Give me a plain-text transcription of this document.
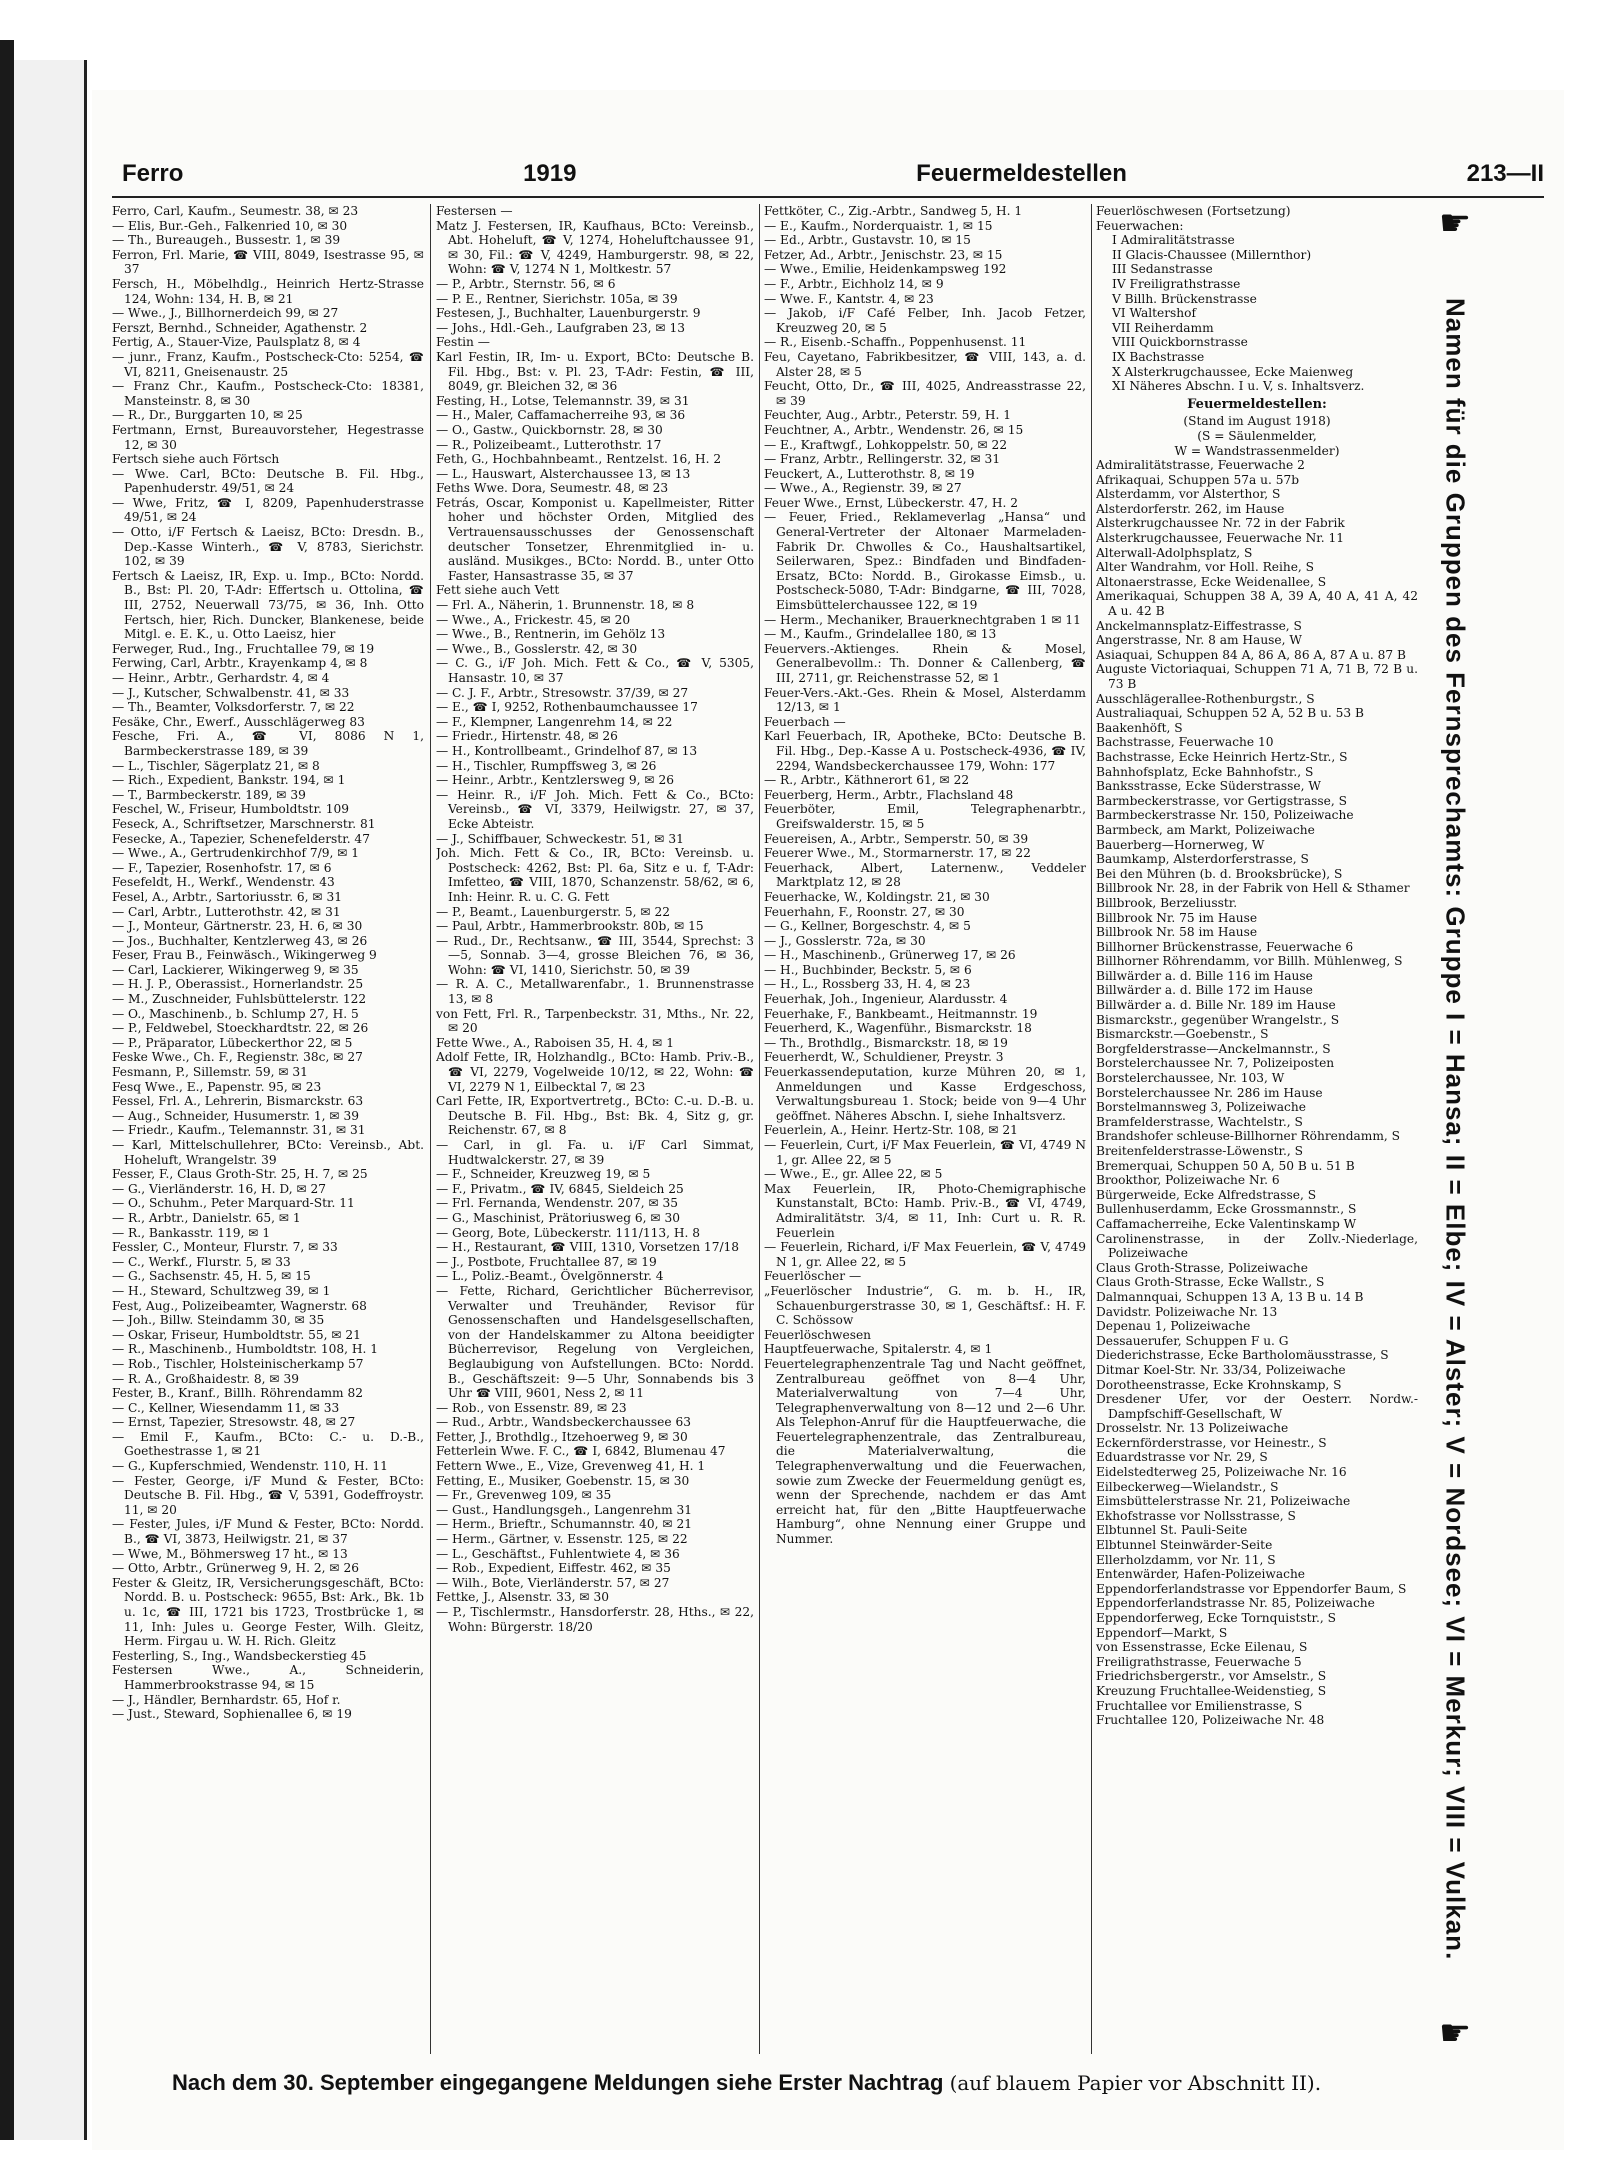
Ferro	1919	Feuermeldestellen	213—II

Ferro, Carl, Kaufm., Seumestr. 38, ✉ 23

— Elis, Bur.-Geh., Falkenried 10, ✉ 30

— Th., Bureaugeh., Bussestr. 1, ✉ 39

Ferron, Frl. Marie, ☎ VIII, 8049, Isestrasse 95, ✉ 37

Fersch, H., Möbelhdlg., Heinrich Hertz-Strasse 124, Wohn: 134, H. B, ✉ 21

— Wwe., J., Billhornerdeich 99, ✉ 27

Ferszt, Bernhd., Schneider, Agathenstr. 2

Fertig, A., Stauer-Vize, Paulsplatz 8, ✉ 4

— junr., Franz, Kaufm., Postscheck-Cto: 5254, ☎ VI, 8211, Gneisenaustr. 25

— Franz Chr., Kaufm., Postscheck-Cto: 18381, Mansteinstr. 8, ✉ 30

— R., Dr., Burggarten 10, ✉ 25

Fertmann, Ernst, Bureauvorsteher, Hegestrasse 12, ✉ 30

Fertsch siehe auch Förtsch

— Wwe. Carl, BCto: Deutsche B. Fil. Hbg., Papenhuderstr. 49/51, ✉ 24

— Wwe, Fritz, ☎ I, 8209, Papenhuderstrasse 49/51, ✉ 24

— Otto, i/F Fertsch & Laeisz, BCto: Dresdn. B., Dep.-Kasse Winterh., ☎ V, 8783, Sierichstr. 102, ✉ 39

Fertsch & Laeisz, IR, Exp. u. Imp., BCto: Nordd. B., Bst: Pl. 20, T-Adr: Effertsch u. Ottolina, ☎ III, 2752, Neuerwall 73/75, ✉ 36, Inh. Otto Fertsch, hier, Rich. Duncker, Blankenese, beide Mitgl. e. E. K., u. Otto Laeisz, hier

Ferweger, Rud., Ing., Fruchtallee 79, ✉ 19

Ferwing, Carl, Arbtr., Krayenkamp 4, ✉ 8

— Heinr., Arbtr., Gerhardstr. 4, ✉ 4

— J., Kutscher, Schwalbenstr. 41, ✉ 33

— Th., Beamter, Volksdorferstr. 7, ✉ 22

Fesäke, Chr., Ewerf., Ausschlägerweg 83

Fesche, Fri. A., ☎ VI, 8086 N 1, Barmbeckerstrasse 189, ✉ 39

— L., Tischler, Sägerplatz 21, ✉ 8

— Rich., Expedient, Bankstr. 194, ✉ 1

— T., Barmbeckerstr. 189, ✉ 39

Feschel, W., Friseur, Humboldtstr. 109

Feseck, A., Schriftsetzer, Marschnerstr. 81

Fesecke, A., Tapezier, Schenefelderstr. 47

— Wwe., A., Gertrudenkirchhof 7/9, ✉ 1

— F., Tapezier, Rosenhofstr. 17, ✉ 6

Fesefeldt, H., Werkf., Wendenstr. 43

Fesel, A., Arbtr., Sartoriusstr. 6, ✉ 31

— Carl, Arbtr., Lutterothstr. 42, ✉ 31

— J., Monteur, Gärtnerstr. 23, H. 6, ✉ 30

— Jos., Buchhalter, Kentzlerweg 43, ✉ 26

Feser, Frau B., Feinwäsch., Wikingerweg 9

— Carl, Lackierer, Wikingerweg 9, ✉ 35

— H. J. P., Oberassist., Hornerlandstr. 25

— M., Zuschneider, Fuhlsbüttelerstr. 122

— O., Maschinenb., b. Schlump 27, H. 5

— P., Feldwebel, Stoeckhardtstr. 22, ✉ 26

— P., Präparator, Lübeckerthor 22, ✉ 5

Feske Wwe., Ch. F., Regienstr. 38c, ✉ 27

Fesmann, P., Sillemstr. 59, ✉ 31

Fesq Wwe., E., Papenstr. 95, ✉ 23

Fessel, Frl. A., Lehrerin, Bismarckstr. 63

— Aug., Schneider, Husumerstr. 1, ✉ 39

— Friedr., Kaufm., Telemannstr. 31, ✉ 31

— Karl, Mittelschullehrer, BCto: Vereinsb., Abt. Hoheluft, Wrangelstr. 39

Fesser, F., Claus Groth-Str. 25, H. 7, ✉ 25

— G., Vierländerstr. 16, H. D, ✉ 27

— O., Schuhm., Peter Marquard-Str. 11

— R., Arbtr., Danielstr. 65, ✉ 1

— R., Bankasstr. 119, ✉ 1

Fessler, C., Monteur, Flurstr. 7, ✉ 33

— C., Werkf., Flurstr. 5, ✉ 33

— G., Sachsenstr. 45, H. 5, ✉ 15

— H., Steward, Schultzweg 39, ✉ 1

Fest, Aug., Polizeibeamter, Wagnerstr. 68

— Joh., Billw. Steindamm 30, ✉ 35

— Oskar, Friseur, Humboldtstr. 55, ✉ 21

— R., Maschinenb., Humboldtstr. 108, H. 1

— Rob., Tischler, Holsteinischerkamp 57

— R. A., Großhaidestr. 8, ✉ 39

Fester, B., Kranf., Billh. Röhrendamm 82

— C., Kellner, Wiesendamm 11, ✉ 33

— Ernst, Tapezier, Stresowstr. 48, ✉ 27

— Emil F., Kaufm., BCto: C.- u. D.-B., Goethestrasse 1, ✉ 21

— G., Kupferschmied, Wendenstr. 110, H. 11

— Fester, George, i/F Mund & Fester, BCto: Deutsche B. Fil. Hbg., ☎ V, 5391, Godeffroystr. 11, ✉ 20

— Fester, Jules, i/F Mund & Fester, BCto: Nordd. B., ☎ VI, 3873, Heilwigstr. 21, ✉ 37

— Wwe, M., Böhmersweg 17 ht., ✉ 13

— Otto, Arbtr., Grünerweg 9, H. 2, ✉ 26

Fester & Gleitz, IR, Versicherungsgeschäft, BCto: Nordd. B. u. Postscheck: 9655, Bst: Ark., Bk. 1b u. 1c, ☎ III, 1721 bis 1723, Trostbrücke 1, ✉ 11, Inh: Jules u. George Fester, Wilh. Gleitz, Herm. Firgau u. W. H. Rich. Gleitz

Festerling, S., Ing., Wandsbeckerstieg 45

Festersen Wwe., A., Schneiderin, Hammerbrookstrasse 94, ✉ 15

— J., Händler, Bernhardstr. 65, Hof r.

— Just., Steward, Sophienallee 6, ✉ 19

Festersen —

Matz J. Festersen, IR, Kaufhaus, BCto: Vereinsb., Abt. Hoheluft, ☎ V, 1274, Hoheluftchaussee 91, ✉ 30, Fil.: ☎ V, 4249, Hamburgerstr. 98, ✉ 22, Wohn: ☎ V, 1274 N 1, Moltkestr. 57

— P., Arbtr., Sternstr. 56, ✉ 6

— P. E., Rentner, Sierichstr. 105a, ✉ 39

Festesen, J., Buchhalter, Lauenburgerstr. 9

— Johs., Hdl.-Geh., Laufgraben 23, ✉ 13

Festin —

Karl Festin, IR, Im- u. Export, BCto: Deutsche B. Fil. Hbg., Bst: v. Pl. 23, T-Adr: Festin, ☎ III, 8049, gr. Bleichen 32, ✉ 36

Festing, H., Lotse, Telemannstr. 39, ✉ 31

— H., Maler, Caffamacherreihe 93, ✉ 36

— O., Gastw., Quickbornstr. 28, ✉ 30

— R., Polizeibeamt., Lutterothstr. 17

Feth, G., Hochbahnbeamt., Rentzelst. 16, H. 2

— L., Hauswart, Alsterchaussee 13, ✉ 13

Feths Wwe. Dora, Seumestr. 48, ✉ 23

Fetrás, Oscar, Komponist u. Kapellmeister, Ritter hoher und höchster Orden, Mitglied des Vertrauensausschusses der Genossenschaft deutscher Tonsetzer, Ehrenmitglied in- u. ausländ. Musikges., BCto: Nordd. B., unter Otto Faster, Hansastrasse 35, ✉ 37

Fett siehe auch Vett

— Frl. A., Näherin, 1. Brunnenstr. 18, ✉ 8

— Wwe., A., Frickestr. 45, ✉ 20

— Wwe., B., Rentnerin, im Gehölz 13

— Wwe., B., Gosslerstr. 42, ✉ 30

— C. G., i/F Joh. Mich. Fett & Co., ☎ V, 5305, Hansastr. 10, ✉ 37

— C. J. F., Arbtr., Stresowstr. 37/39, ✉ 27

— E., ☎ I, 9252, Rothenbaumchaussee 17

— F., Klempner, Langenrehm 14, ✉ 22

— Friedr., Hirtenstr. 48, ✉ 26

— H., Kontrollbeamt., Grindelhof 87, ✉ 13

— H., Tischler, Rumpffsweg 3, ✉ 26

— Heinr., Arbtr., Kentzlersweg 9, ✉ 26

— Heinr. R., i/F Joh. Mich. Fett & Co., BCto: Vereinsb., ☎ VI, 3379, Heilwigstr. 27, ✉ 37, Ecke Abteistr.

— J., Schiffbauer, Schweckestr. 51, ✉ 31

Joh. Mich. Fett & Co., IR, BCto: Vereinsb. u. Postscheck: 4262, Bst: Pl. 6a, Sitz e u. f, T-Adr: Imfetteo, ☎ VIII, 1870, Schanzenstr. 58/62, ✉ 6, Inh: Heinr. R. u. C. G. Fett

— P., Beamt., Lauenburgerstr. 5, ✉ 22

— Paul, Arbtr., Hammerbrookstr. 80b, ✉ 15

— Rud., Dr., Rechtsanw., ☎ III, 3544, Sprechst: 3—5, Sonnab. 3—4, grosse Bleichen 76, ✉ 36, Wohn: ☎ VI, 1410, Sierichstr. 50, ✉ 39

— R. A. C., Metallwarenfabr., 1. Brunnenstrasse 13, ✉ 8

von Fett, Frl. R., Tarpenbeckstr. 31, Mths., Nr. 22, ✉ 20

Fette Wwe., A., Raboisen 35, H. 4, ✉ 1

Adolf Fette, IR, Holzhandlg., BCto: Hamb. Priv.-B., ☎ VI, 2279, Vogelweide 10/12, ✉ 22, Wohn: ☎ VI, 2279 N 1, Eilbecktal 7, ✉ 23

Carl Fette, IR, Exportvertretg., BCto: C.-u. D.-B. u. Deutsche B. Fil. Hbg., Bst: Bk. 4, Sitz g, gr. Reichenstr. 67, ✉ 8

— Carl, in gl. Fa. u. i/F Carl Simmat, Hudtwalckerstr. 27, ✉ 39

— F., Schneider, Kreuzweg 19, ✉ 5

— F., Privatm., ☎ IV, 6845, Sieldeich 25

— Frl. Fernanda, Wendenstr. 207, ✉ 35

— G., Maschinist, Prätoriusweg 6, ✉ 30

— Georg, Bote, Lübeckerstr. 111/113, H. 8

— H., Restaurant, ☎ VIII, 1310, Vorsetzen 17/18

— J., Postbote, Fruchtallee 87, ✉ 19

— L., Poliz.-Beamt., Övelgönnerstr. 4

— Fette, Richard, Gerichtlicher Bücherrevisor, Verwalter und Treuhänder, Revisor für Genossenschaften und Handelsgesellschaften, von der Handelskammer zu Altona beeidigter Bücherrevisor, Regelung von Vergleichen, Beglaubigung von Aufstellungen. BCto: Nordd. B., Geschäftszeit: 9—5 Uhr, Sonnabends bis 3 Uhr ☎ VIII, 9601, Ness 2, ✉ 11

— Rob., von Essenstr. 89, ✉ 23

— Rud., Arbtr., Wandsbeckerchaussee 63

Fetter, J., Brothdlg., Itzehoerweg 9, ✉ 30

Fetterlein Wwe. F. C., ☎ I, 6842, Blumenau 47

Fettern Wwe., E., Vize, Grevenweg 41, H. 1

Fetting, E., Musiker, Goebenstr. 15, ✉ 30

— Fr., Grevenweg 109, ✉ 35

— Gust., Handlungsgeh., Langenrehm 31

— Herm., Brieftr., Schumannstr. 40, ✉ 21

— Herm., Gärtner, v. Essenstr. 125, ✉ 22

— L., Geschäftst., Fuhlentwiete 4, ✉ 36

— Rob., Expedient, Eiffestr. 462, ✉ 35

— Wilh., Bote, Vierländerstr. 57, ✉ 27

Fettke, J., Alsenstr. 33, ✉ 30

— P., Tischlermstr., Hansdorferstr. 28, Hths., ✉ 22, Wohn: Bürgerstr. 18/20

Fettköter, C., Zig.-Arbtr., Sandweg 5, H. 1

— E., Kaufm., Norderquaistr. 1, ✉ 15

— Ed., Arbtr., Gustavstr. 10, ✉ 15

Fetzer, Ad., Arbtr., Jenischstr. 23, ✉ 15

— Wwe., Emilie, Heidenkampsweg 192

— F., Arbtr., Eichholz 14, ✉ 9

— Wwe. F., Kantstr. 4, ✉ 23

— Jakob, i/F Café Felber, Inh. Jacob Fetzer, Kreuzweg 20, ✉ 5

— R., Eisenb.-Schaffn., Poppenhusenst. 11

Feu, Cayetano, Fabrikbesitzer, ☎ VIII, 143, a. d. Alster 28, ✉ 5

Feucht, Otto, Dr., ☎ III, 4025, Andreasstrasse 22, ✉ 39

Feuchter, Aug., Arbtr., Peterstr. 59, H. 1

Feuchtner, A., Arbtr., Wendenstr. 26, ✉ 15

— E., Kraftwgf., Lohkoppelstr. 50, ✉ 22

— Franz, Arbtr., Rellingerstr. 32, ✉ 31

Feuckert, A., Lutterothstr. 8, ✉ 19

— Wwe., A., Regienstr. 39, ✉ 27

Feuer Wwe., Ernst, Lübeckerstr. 47, H. 2

— Feuer, Fried., Reklameverlag „Hansa“ und General-Vertreter der Altonaer Marmeladen-Fabrik Dr. Chwolles & Co., Haushaltsartikel, Seilerwaren, Spez.: Bindfaden und Bindfaden-Ersatz, BCto: Nordd. B., Girokasse Eimsb., u. Postscheck-5080, T-Adr: Bindgarne, ☎ III, 7028, Eimsbüttelerchaussee 122, ✉ 19

— Herm., Mechaniker, Brauerknechtgraben 1 ✉ 11

— M., Kaufm., Grindelallee 180, ✉ 13

Feuervers.-Aktienges. Rhein & Mosel, Generalbevollm.: Th. Donner & Callenberg, ☎ III, 2711, gr. Reichenstrasse 52, ✉ 1

Feuer-Vers.-Akt.-Ges. Rhein & Mosel, Alsterdamm 12/13, ✉ 1

Feuerbach —

Karl Feuerbach, IR, Apotheke, BCto: Deutsche B. Fil. Hbg., Dep.-Kasse A u. Postscheck-4936, ☎ IV, 2294, Wandsbeckerchaussee 179, Wohn: 177

— R., Arbtr., Käthnerort 61, ✉ 22

Feuerberg, Herm., Arbtr., Flachsland 48

Feuerböter, Emil, Telegraphenarbtr., Greifswalderstr. 15, ✉ 5

Feuereisen, A., Arbtr., Semperstr. 50, ✉ 39

Feuerer Wwe., M., Stormarnerstr. 17, ✉ 22

Feuerhack, Albert, Laternenw., Veddeler Marktplatz 12, ✉ 28

Feuerhacke, W., Koldingstr. 21, ✉ 30

Feuerhahn, F., Roonstr. 27, ✉ 30

— G., Kellner, Borgeschstr. 4, ✉ 5

— J., Gosslerstr. 72a, ✉ 30

— H., Maschinenb., Grünerweg 17, ✉ 26

— H., Buchbinder, Beckstr. 5, ✉ 6

— H., L., Rossberg 33, H. 4, ✉ 23

Feuerhak, Joh., Ingenieur, Alardusstr. 4

Feuerhake, F., Bankbeamt., Heitmannstr. 19

Feuerherd, K., Wagenführ., Bismarckstr. 18

— Th., Brothdlg., Bismarckstr. 18, ✉ 19

Feuerherdt, W., Schuldiener, Preystr. 3

Feuerkassendeputation, kurze Mühren 20, ✉ 1, Anmeldungen und Kasse Erdgeschoss, Verwaltungsbureau 1. Stock; beide von 9—4 Uhr geöffnet. Näheres Abschn. I, siehe Inhaltsverz.

Feuerlein, A., Heinr. Hertz-Str. 108, ✉ 21

— Feuerlein, Curt, i/F Max Feuerlein, ☎ VI, 4749 N 1, gr. Allee 22, ✉ 5

— Wwe., E., gr. Allee 22, ✉ 5

Max Feuerlein, IR, Photo-Chemigraphische Kunstanstalt, BCto: Hamb. Priv.-B., ☎ VI, 4749, Admiralitätstr. 3/4, ✉ 11, Inh: Curt u. R. R. Feuerlein

— Feuerlein, Richard, i/F Max Feuerlein, ☎ V, 4749 N 1, gr. Allee 22, ✉ 5

Feuerlöscher —

„Feuerlöscher Industrie“, G. m. b. H., IR, Schauenburgerstrasse 30, ✉ 1, Geschäftsf.: H. F. C. Schössow

Feuerlöschwesen

Hauptfeuerwache, Spitalerstr. 4, ✉ 1

Feuertelegraphenzentrale Tag und Nacht geöffnet, Zentralbureau geöffnet von 8—4 Uhr, Materialverwaltung von 7—4 Uhr, Telegraphenverwaltung von 8—12 und 2—6 Uhr. Als Telephon-Anruf für die Hauptfeuerwache, die Feuertelegraphenzentrale, das Zentralbureau, die Materialverwaltung, die Telegraphenverwaltung und die Feuerwachen, sowie zum Zwecke der Feuermeldung genügt es, wenn der Sprechende, nachdem er das Amt erreicht hat, für den „Bitte Hauptfeuerwache Hamburg“, ohne Nennung einer Gruppe und Nummer.

Feuerlöschwesen (Fortsetzung)

Feuerwachen:

I Admiralitätstrasse

II Glacis-Chaussee (Millernthor)

III Sedanstrasse

IV Freiligrathstrasse

V Billh. Brückenstrasse

VI Waltershof

VII Reiherdamm

VIII Quickbornstrasse

IX Bachstrasse

X Alsterkrugchaussee, Ecke Maienweg

XI Näheres Abschn. I u. V, s. Inhaltsverz.

Feuermeldestellen:
(Stand im August 1918)
(S = Säulenmelder,
W = Wandstrassenmelder)

Admiralitätstrasse, Feuerwache 2

Afrikaquai, Schuppen 57a u. 57b

Alsterdamm, vor Alsterthor, S

Alsterdorferstr. 262, im Hause

Alsterkrugchaussee Nr. 72 in der Fabrik

Alsterkrugchaussee, Feuerwache Nr. 11

Alterwall-Adolphsplatz, S

Alter Wandrahm, vor Holl. Reihe, S

Altonaerstrasse, Ecke Weidenallee, S

Amerikaquai, Schuppen 38 A, 39 A, 40 A, 41 A, 42 A u. 42 B

Anckelmannsplatz-Eiffestrasse, S

Angerstrasse, Nr. 8 am Hause, W

Asiaquai, Schuppen 84 A, 86 A, 86 A, 87 A u. 87 B

Auguste Victoriaquai, Schuppen 71 A, 71 B, 72 B u. 73 B

Ausschlägerallee-Rothenburgstr., S

Australiaquai, Schuppen 52 A, 52 B u. 53 B

Baakenhöft, S

Bachstrasse, Feuerwache 10

Bachstrasse, Ecke Heinrich Hertz-Str., S

Bahnhofsplatz, Ecke Bahnhofstr., S

Banksstrasse, Ecke Süderstrasse, W

Barmbeckerstrasse, vor Gertigstrasse, S

Barmbeckerstrasse Nr. 150, Polizeiwache

Barmbeck, am Markt, Polizeiwache

Bauerberg—Hornerweg, W

Baumkamp, Alsterdorferstrasse, S

Bei den Mühren (b. d. Brooksbrücke), S

Billbrook Nr. 28, in der Fabrik von Hell & Sthamer

Billbrook, Berzeliusstr.

Billbrook Nr. 75 im Hause

Billbrook Nr. 58 im Hause

Billhorner Brückenstrasse, Feuerwache 6

Billhorner Röhrendamm, vor Billh. Mühlenweg, S

Billwärder a. d. Bille 116 im Hause

Billwärder a. d. Bille 172 im Hause

Billwärder a. d. Bille Nr. 189 im Hause

Bismarckstr., gegenüber Wrangelstr., S

Bismarckstr.—Goebenstr., S

Borgfelderstrasse—Anckelmannstr., S

Borstelerchaussee Nr. 7, Polizeiposten

Borstelerchaussee, Nr. 103, W

Borstelerchaussee Nr. 286 im Hause

Borstelmannsweg 3, Polizeiwache

Bramfelderstrasse, Wachtelstr., S

Brandshofer schleuse-Billhorner Röhrendamm, S

Breitenfelderstrasse-Löwenstr., S

Bremerquai, Schuppen 50 A, 50 B u. 51 B

Brookthor, Polizeiwache Nr. 6

Bürgerweide, Ecke Alfredstrasse, S

Bullenhuserdamm, Ecke Grossmannstr., S

Caffamacherreihe, Ecke Valentinskamp W

Carolinenstrasse, in der Zollv.-Niederlage, Polizeiwache

Claus Groth-Strasse, Polizeiwache

Claus Groth-Strasse, Ecke Wallstr., S

Dalmannquai, Schuppen 13 A, 13 B u. 14 B

Davidstr. Polizeiwache Nr. 13

Depenau 1, Polizeiwache

Dessauerufer, Schuppen F u. G

Diederichstrasse, Ecke Bartholomäusstrasse, S

Ditmar Koel-Str. Nr. 33/34, Polizeiwache

Dorotheenstrasse, Ecke Krohnskamp, S

Dresdener Ufer, vor der Oesterr. Nordw.-Dampfschiff-Gesellschaft, W

Drosselstr. Nr. 13 Polizeiwache

Eckernförderstrasse, vor Heinestr., S

Eduardstrasse vor Nr. 29, S

Eidelstedterweg 25, Polizeiwache Nr. 16

Eilbeckerweg—Wielandstr., S

Eimsbüttelerstrasse Nr. 21, Polizeiwache

Ekhofstrasse vor Nollsstrasse, S

Elbtunnel St. Pauli-Seite

Elbtunnel Steinwärder-Seite

Ellerholzdamm, vor Nr. 11, S

Entenwärder, Hafen-Polizeiwache

Eppendorferlandstrasse vor Eppendorfer Baum, S

Eppendorferlandstrasse Nr. 85, Polizeiwache

Eppendorferweg, Ecke Tornquiststr., S

Eppendorf—Markt, S

von Essenstrasse, Ecke Eilenau, S

Freiligrathstrasse, Feuerwache 5

Friedrichsbergerstr., vor Amselstr., S

Kreuzung Fruchtallee-Weidenstieg, S

Fruchtallee vor Emilienstrasse, S

Fruchtallee 120, Polizeiwache Nr. 48

☛
Namen für die Gruppen des Fernsprechamts: Gruppe I = Hansa; II = Elbe; IV = Alster; V = Nordsee; VI = Merkur; VIII = Vulkan.
☛
Nach dem 30. September eingegangene Meldungen siehe Erster Nachtrag (auf blauem Papier vor Abschnitt II).
